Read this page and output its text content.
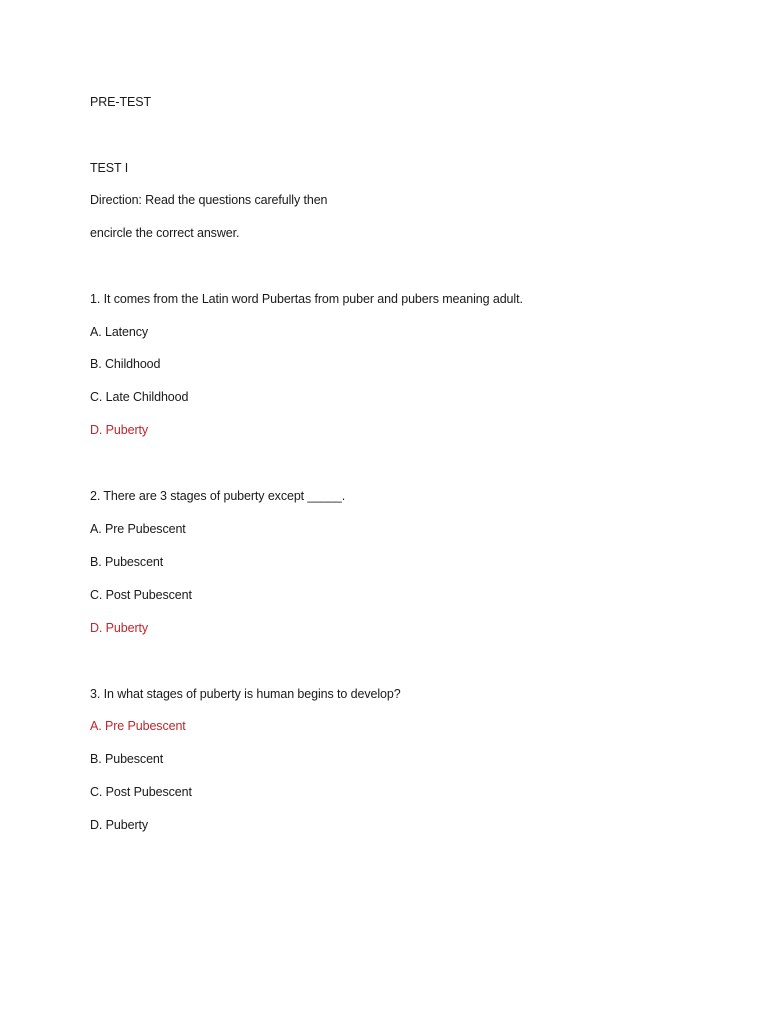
PRE-TEST
TEST I
Direction: Read the questions carefully then
encircle the correct answer.
1. It comes from the Latin word Pubertas from puber and pubers meaning adult.
A. Latency
B. Childhood
C. Late Childhood
D. Puberty
2. There are 3 stages of puberty except _____.
A. Pre Pubescent
B. Pubescent
C. Post Pubescent
D. Puberty
3. In what stages of puberty is human begins to develop?
A. Pre Pubescent
B. Pubescent
C. Post Pubescent
D. Puberty
